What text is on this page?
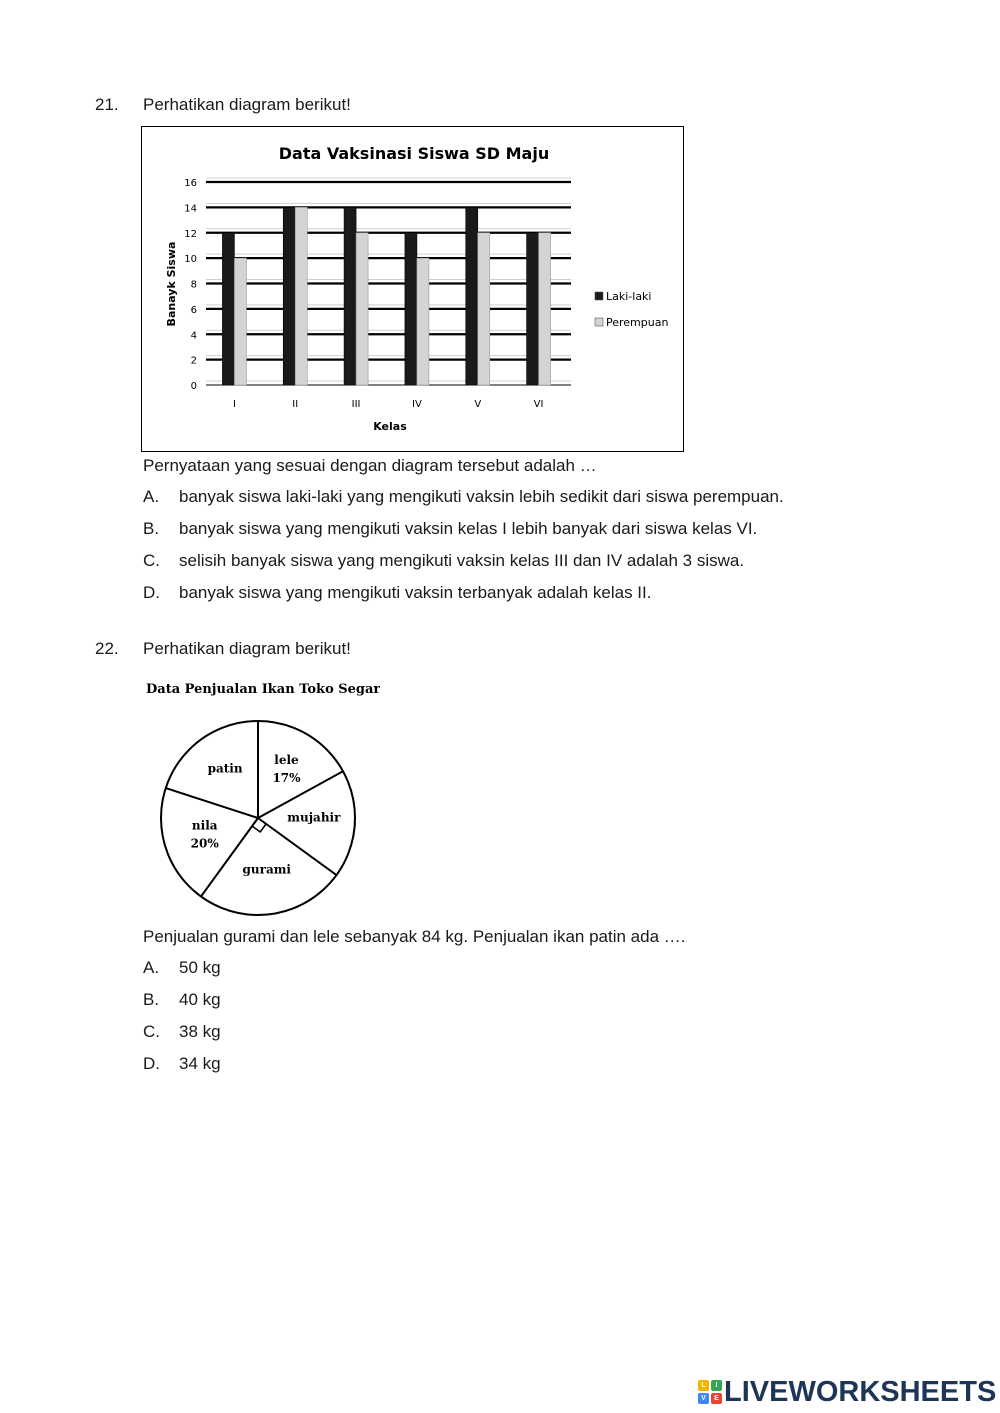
21. Perhatikan diagram berikut!
Data Vaksinasi Siswa SD Maju
0
2
4
6
8
10
12
14
16
I	II	III	IV	V	VI
Kelas
Banayk Siswa	Laki-laki
Perempuan
Pernyataan yang sesuai dengan diagram tersebut adalah …
A. banyak siswa laki-laki yang mengikuti vaksin lebih sedikit dari siswa perempuan.
B. banyak siswa yang mengikuti vaksin kelas I lebih banyak dari siswa kelas VI.
C. selisih banyak siswa yang mengikuti vaksin kelas III dan IV adalah 3 siswa.
D. banyak siswa yang mengikuti vaksin terbanyak adalah kelas II.
22. Perhatikan diagram berikut!
Data Penjualan Ikan Toko Segar
lele
17%
mujahir
gurami
nila
20%
patin
Penjualan gurami dan lele sebanyak 84 kg. Penjualan ikan patin ada ….
A. 50 kg
B. 40 kg
C. 38 kg
D. 34 kg
L	I
V	E LIVEWORKSHEETS
